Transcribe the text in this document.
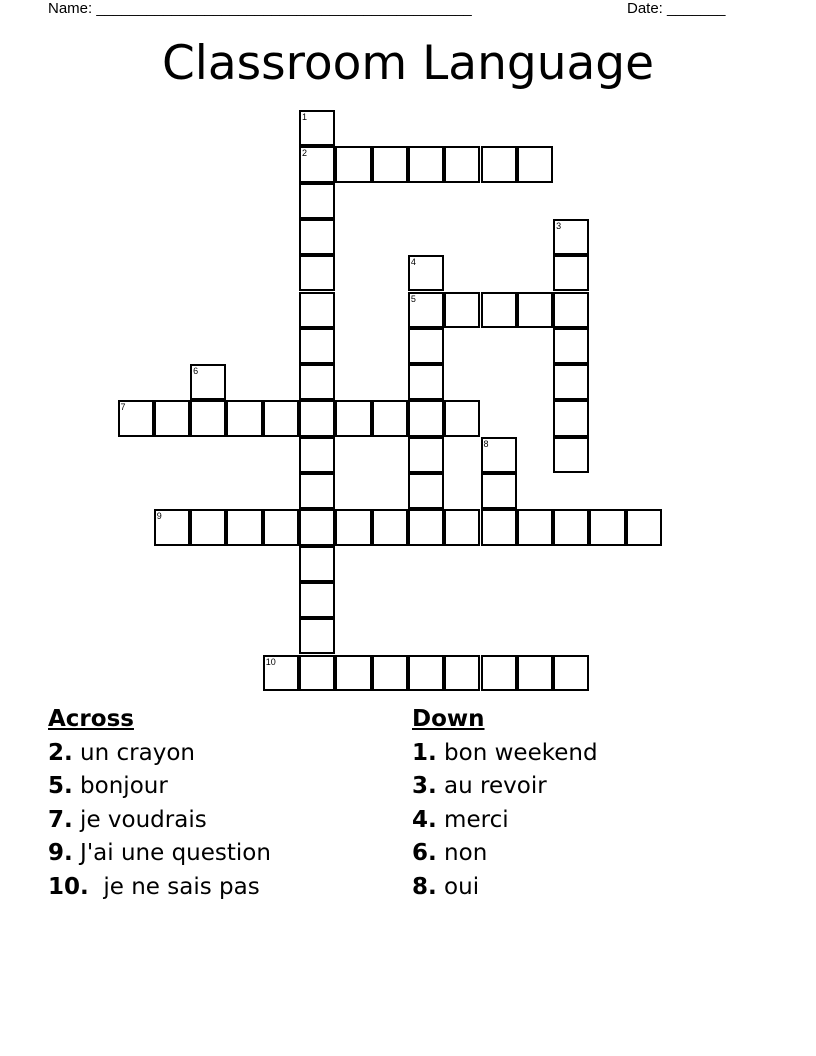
Name: _____________________________________________	Date: _______
Classroom Language
1
2
3
4
5
6
7
8
9
10
Across
2. un crayon
5. bonjour
7. je voudrais
9. J'ai une question
10.  je ne sais pas
Down
1. bon weekend
3. au revoir
4. merci
6. non
8. oui
